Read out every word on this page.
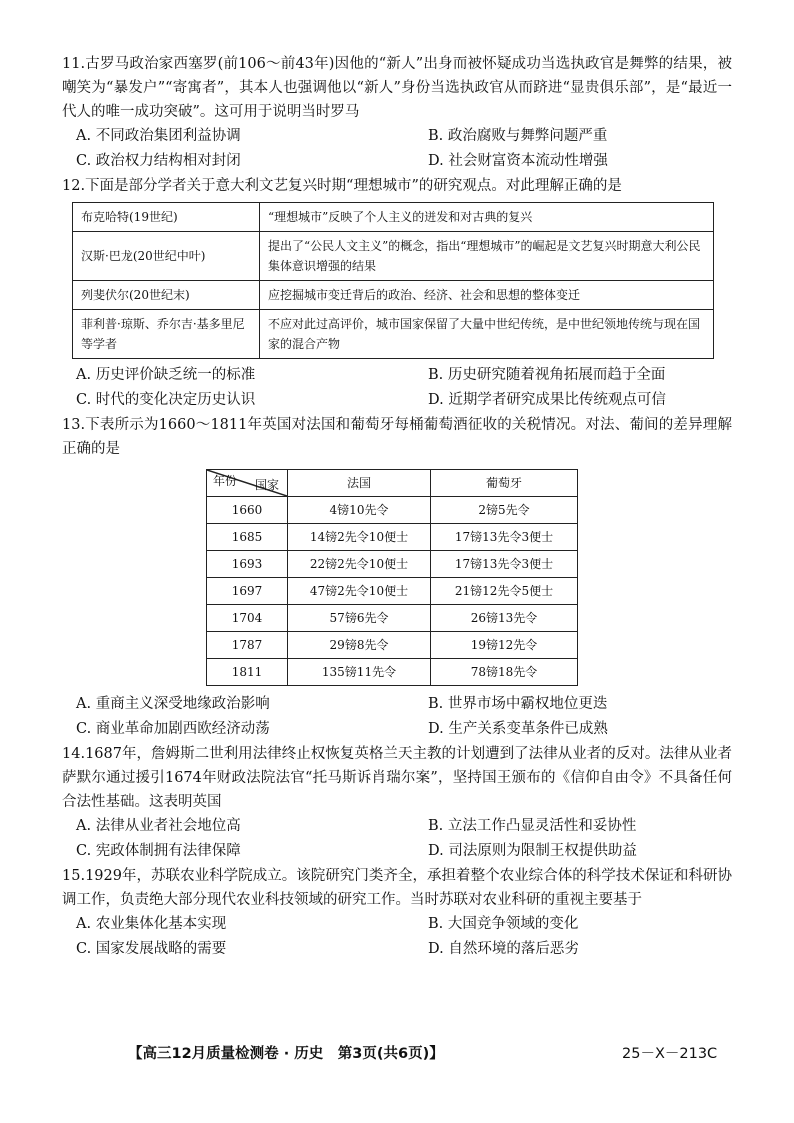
11.古罗马政治家西塞罗(前106～前43年)因他的“新人”出身而被怀疑成功当选执政官是舞弊的结果，被嘲笑为“暴发户”“寄寓者”，其本人也强调他以“新人”身份当选执政官从而跻进“显贵俱乐部”，是“最近一代人的唯一成功突破”。这可用于说明当时罗马
A. 不同政治集团利益协调	B. 政治腐败与舞弊问题严重
C. 政治权力结构相对封闭	D. 社会财富资本流动性增强
12.下面是部分学者关于意大利文艺复兴时期“理想城市”的研究观点。对此理解正确的是
布克哈特(19世纪)	“理想城市”反映了个人主义的迸发和对古典的复兴
汉斯·巴龙(20世纪中叶)	提出了“公民人文主义”的概念，指出“理想城市”的崛起是文艺复兴时期意大利公民集体意识增强的结果
列斐伏尔(20世纪末)	应挖掘城市变迁背后的政治、经济、社会和思想的整体变迁
菲利普·琼斯、乔尔吉·基多里尼等学者	不应对此过高评价，城市国家保留了大量中世纪传统，是中世纪领地传统与现在国家的混合产物
A. 历史评价缺乏统一的标准	B. 历史研究随着视角拓展而趋于全面
C. 时代的变化决定历史认识	D. 近期学者研究成果比传统观点可信
13.下表所示为1660～1811年英国对法国和葡萄牙每桶葡萄酒征收的关税情况。对法、葡间的差异理解正确的是
国家
年份	法国	葡萄牙
1660	4镑10先令	2镑5先令
1685	14镑2先令10便士	17镑13先令3便士
1693	22镑2先令10便士	17镑13先令3便士
1697	47镑2先令10便士	21镑12先令5便士
1704	57镑6先令	26镑13先令
1787	29镑8先令	19镑12先令
1811	135镑11先令	78镑18先令
A. 重商主义深受地缘政治影响	B. 世界市场中霸权地位更迭
C. 商业革命加剧西欧经济动荡	D. 生产关系变革条件已成熟
14.1687年，詹姆斯二世利用法律终止权恢复英格兰天主教的计划遭到了法律从业者的反对。法律从业者萨默尔通过援引1674年财政法院法官“托马斯诉肖瑞尔案”，坚持国王颁布的《信仰自由令》不具备任何合法性基础。这表明英国
A. 法律从业者社会地位高	B. 立法工作凸显灵活性和妥协性
C. 宪政体制拥有法律保障	D. 司法原则为限制王权提供助益
15.1929年，苏联农业科学院成立。该院研究门类齐全，承担着整个农业综合体的科学技术保证和科研协调工作，负责绝大部分现代农业科技领域的研究工作。当时苏联对农业科研的重视主要基于
A. 农业集体化基本实现	B. 大国竞争领域的变化
C. 国家发展战略的需要	D. 自然环境的落后恶劣
【高三12月质量检测卷 · 历史　第3页(共6页)】	25－X－213C
